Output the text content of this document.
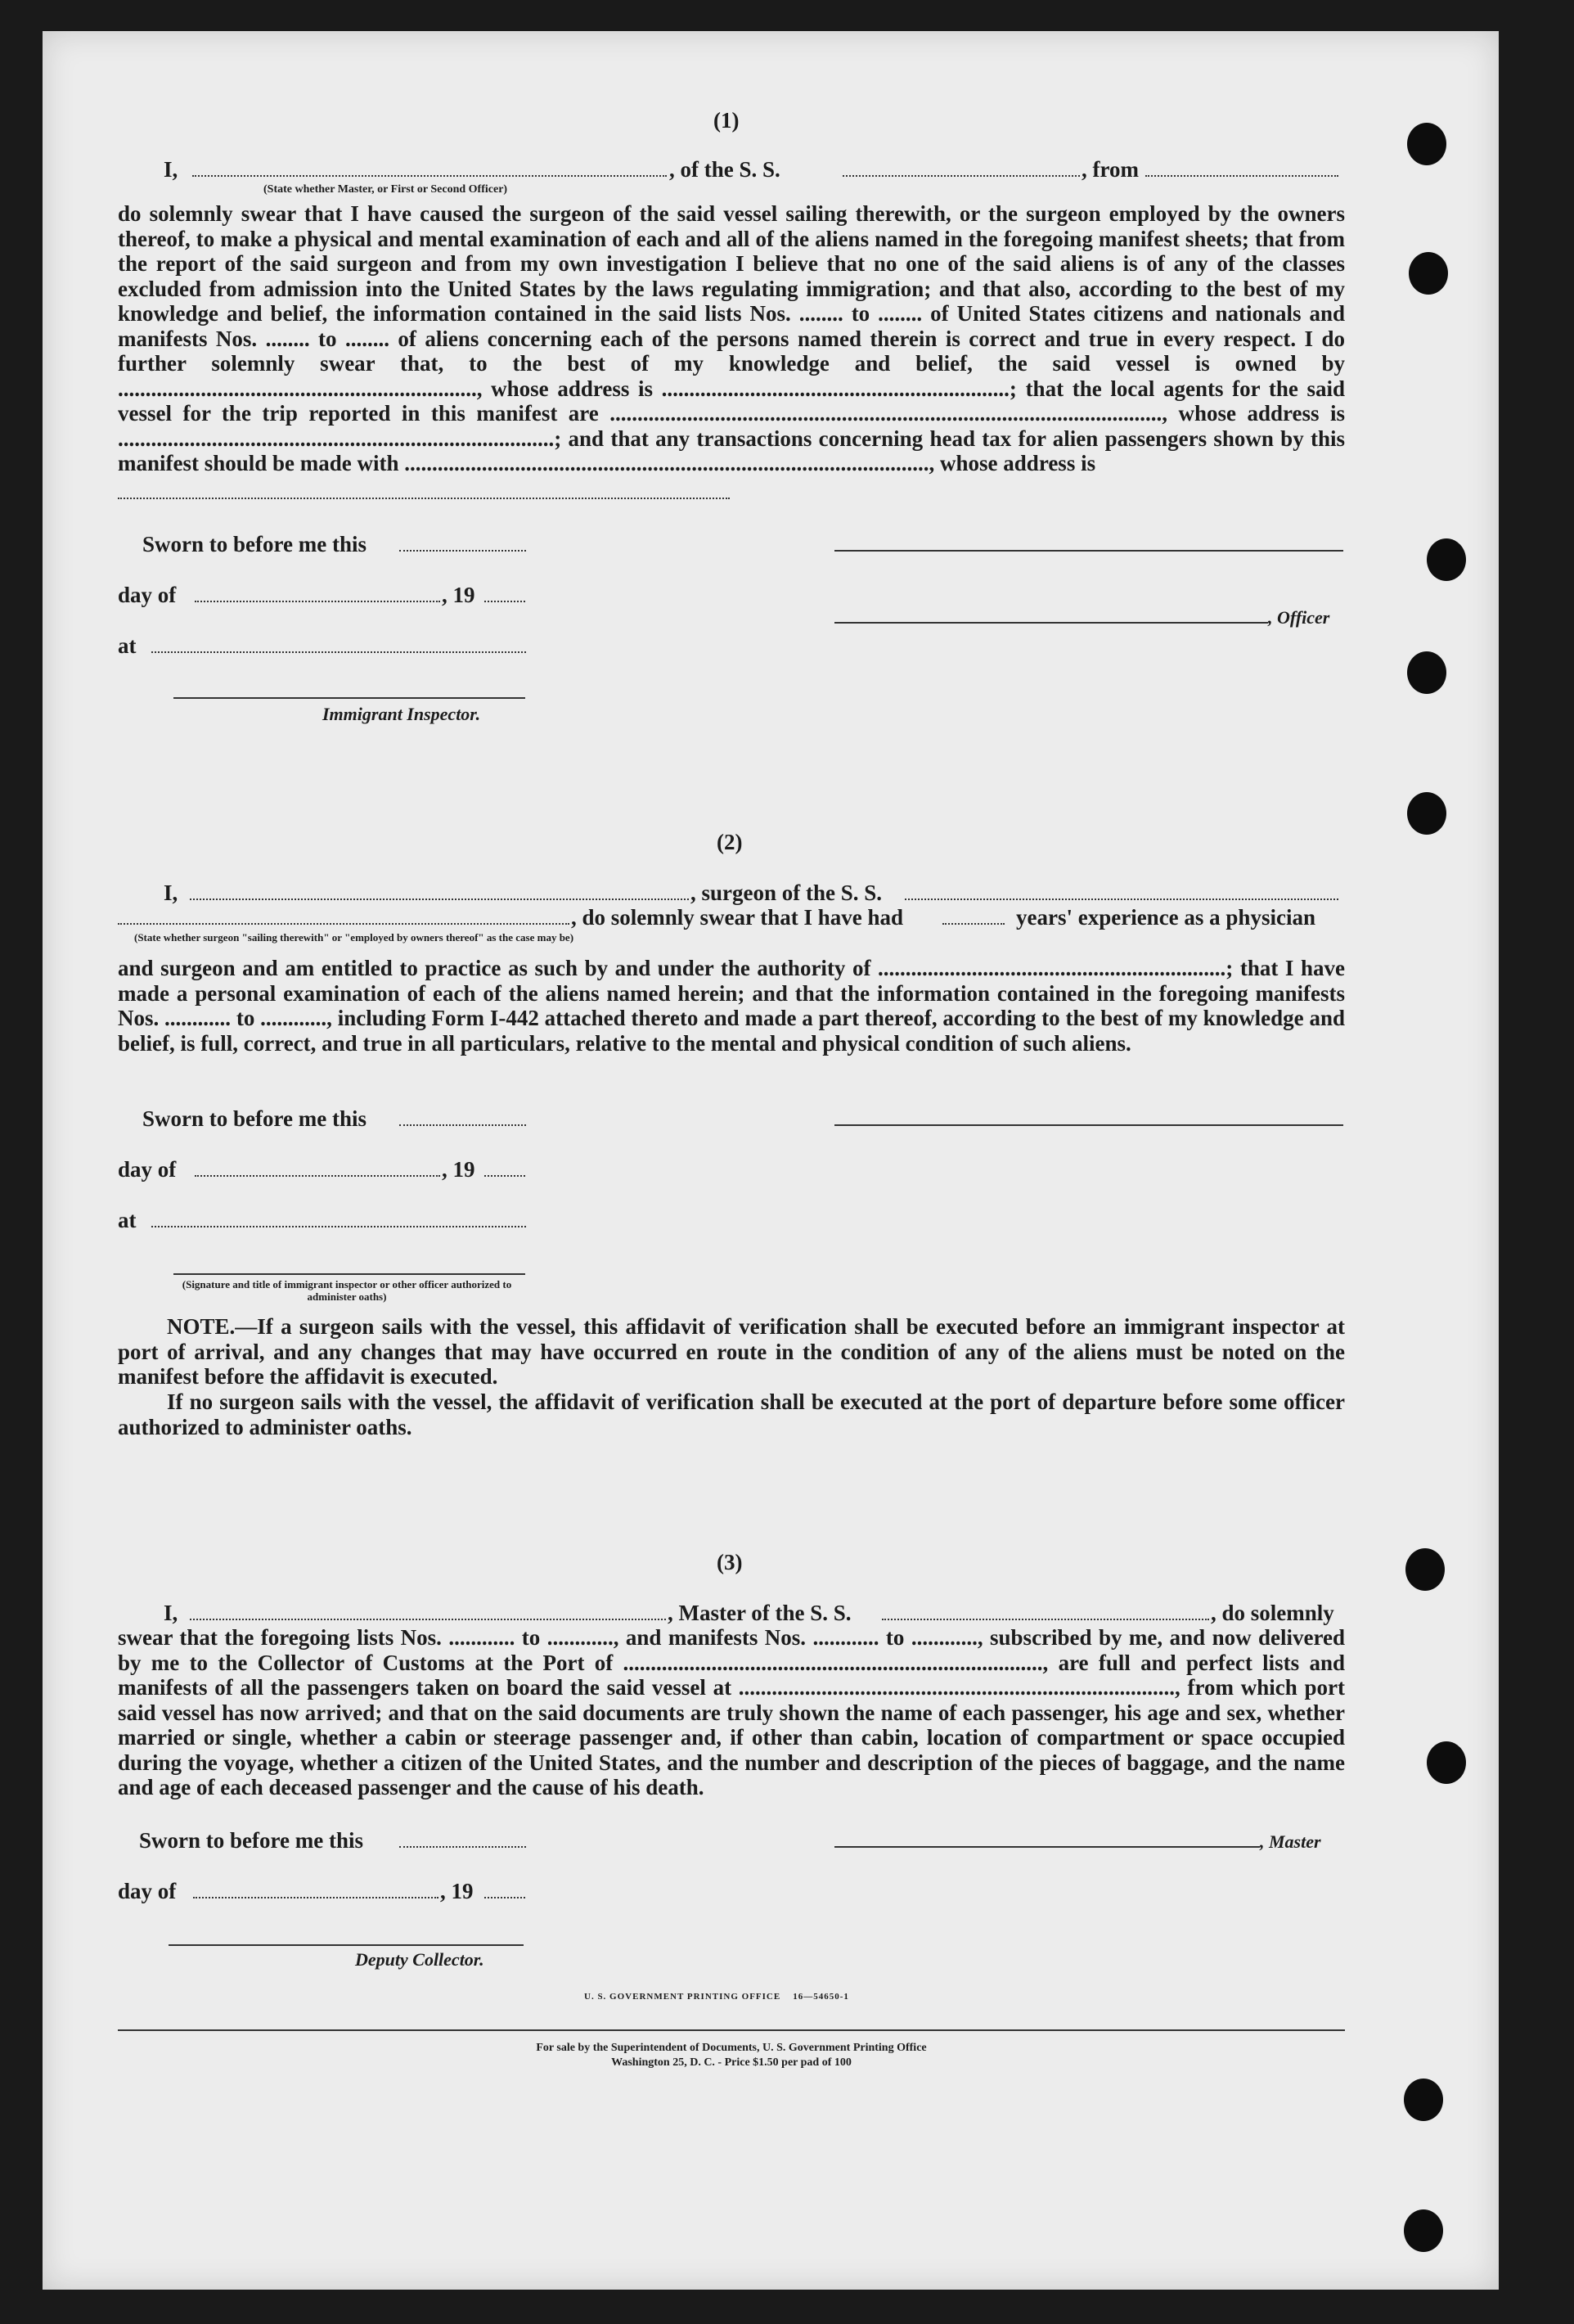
(1)
I,	, of the S. S.	, from
(State whether Master, or First or Second Officer)
do solemnly swear that I have caused the surgeon of the said vessel sailing therewith, or the surgeon employed by the owners thereof, to make a physical and mental examination of each and all of the aliens named in the foregoing manifest sheets; that from the report of the said surgeon and from my own investigation I believe that no one of the said aliens is of any of the classes excluded from admission into the United States by the laws regulating immigration; and that also, according to the best of my knowledge and belief, the information contained in the said lists Nos. ........ to ........ of United States citizens and nationals and manifests Nos. ........ to ........ of aliens concerning each of the persons named therein is correct and true in every respect. I do further solemnly swear that, to the best of my knowledge and belief, the said vessel is owned by ................................................................., whose address is ...............................................................; that the local agents for the said vessel for the trip reported in this manifest are ...................................................................................................., whose address is ...............................................................................; and that any transactions concerning head tax for alien passengers shown by this manifest should be made with ..............................................................................................., whose address is
Sworn to before me this
day of	, 19
, Officer
at
Immigrant Inspector.
(2)
I,	, surgeon of the S. S.
, do solemnly swear that I have had	years' experience as a physician
(State whether surgeon "sailing therewith" or "employed by owners thereof" as the case may be)
and surgeon and am entitled to practice as such by and under the authority of ...............................................................; that I have made a personal examination of each of the aliens named herein; and that the information contained in the foregoing manifests Nos. ............ to ............, including Form I-442 attached thereto and made a part thereof, according to the best of my knowledge and belief, is full, correct, and true in all particulars, relative to the mental and physical condition of such aliens.
Sworn to before me this
day of	, 19
at
(Signature and title of immigrant inspector or other officer authorized to administer oaths)
NOTE.—If a surgeon sails with the vessel, this affidavit of verification shall be executed before an immigrant inspector at port of arrival, and any changes that may have occurred en route in the condition of any of the aliens must be noted on the manifest before the affidavit is executed.
If no surgeon sails with the vessel, the affidavit of verification shall be executed at the port of departure before some officer authorized to administer oaths.
(3)
I,	, Master of the S. S.	, do solemnly
swear that the foregoing lists Nos. ............ to ............, and manifests Nos. ............ to ............, subscribed by me, and now delivered by me to the Collector of Customs at the Port of ............................................................................, are full and perfect lists and manifests of all the passengers taken on board the said vessel at ..............................................................................., from which port said vessel has now arrived; and that on the said documents are truly shown the name of each passenger, his age and sex, whether married or single, whether a cabin or steerage passenger and, if other than cabin, location of compartment or space occupied during the voyage, whether a citizen of the United States, and the number and description of the pieces of baggage, and the name and age of each deceased passenger and the cause of his death.
Sworn to before me this	, Master
day of	, 19
Deputy Collector.
U. S. GOVERNMENT PRINTING OFFICE    16—54650-1
For sale by the Superintendent of Documents, U. S. Government Printing Office
Washington 25, D. C. - Price $1.50 per pad of 100
